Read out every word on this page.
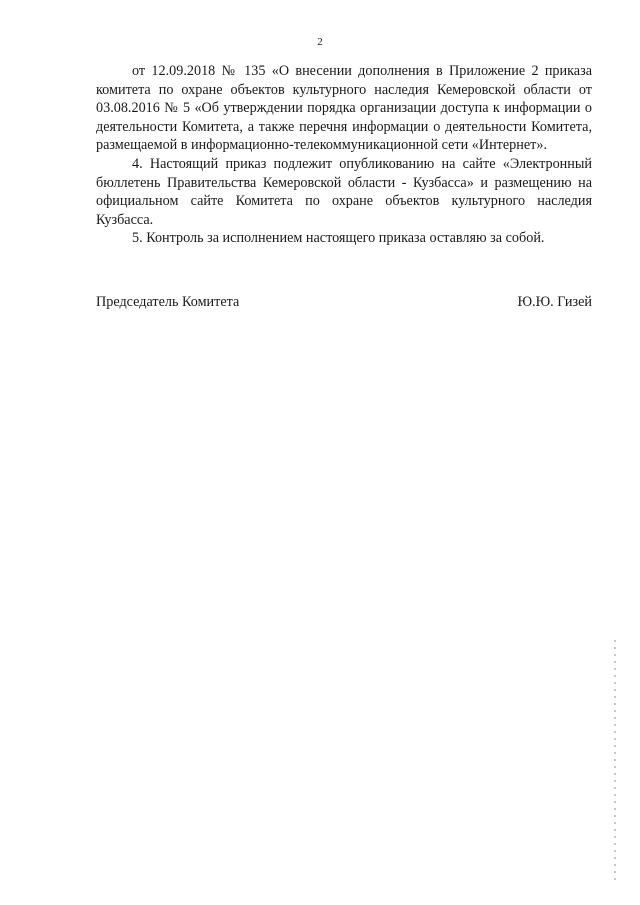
2

от 12.09.2018 № 135 «О внесении дополнения в Приложение 2 приказа комитета по охране объектов культурного наследия Кемеровской области от 03.08.2016 № 5 «Об утверждении порядка организации доступа к информации о деятельности Комитета, а также перечня информации о деятельности Комитета, размещаемой в информационно-телекоммуникационной сети «Интернет».

4. Настоящий приказ подлежит опубликованию на сайте «Электронный бюллетень Правительства Кемеровской области - Кузбасса» и размещению на официальном сайте Комитета по охране объектов культурного наследия Кузбасса.

5. Контроль за исполнением настоящего приказа оставляю за собой.

Председатель Комитета	Ю.Ю. Гизей
